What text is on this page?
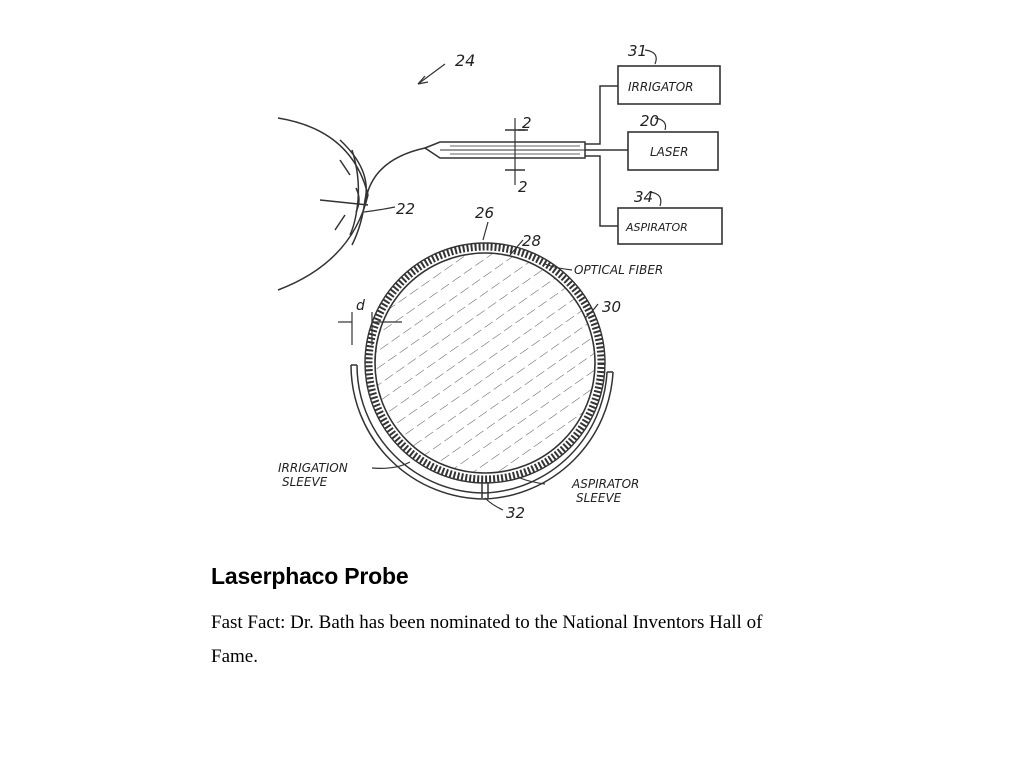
24	31
20
34
2
2
22	26
28
30
32
d
IRRIGATOR
LASER
ASPIRATOR
OPTICAL FIBER
IRRIGATION
SLEEVE	ASPIRATOR
SLEEVE
Laserphaco Probe
Fast Fact: Dr. Bath has been nominated to the National Inventors Hall of Fame.
